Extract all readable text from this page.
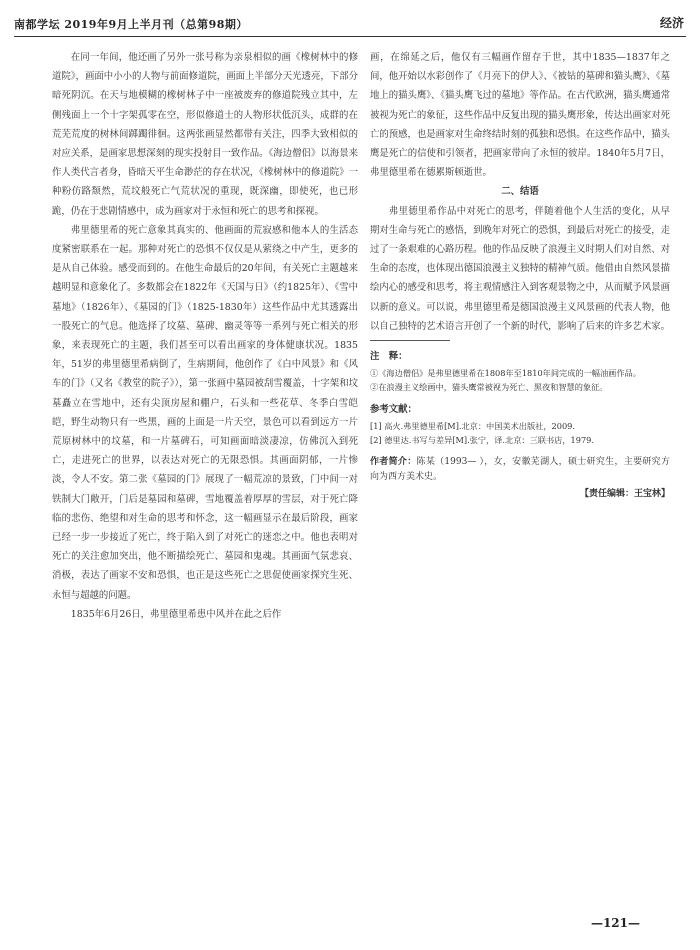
南都学坛 2019年9月上半月刊（总第98期）	经济

在同一年间，他还画了另外一张号称为亲泉相似的画《橡树林中的修道院》，画面中小小的人物与前面修道院，画面上半部分天光透亮，下部分暗死阴沉。在天与地模糊的橡树林子中一座被废弃的修道院残立其中，左侧残面上一个十字架孤零在空，形似修道士的人物形状低沉头，成群的在荒芜荒度的树林间踯躅徘徊。这两张画显然都带有关注，四季大致相似的对应关系，是画家思想深刻的现实投射目一致作品。《海边僧侣》以海景来作人类代言者身，昏暗天平生命渺茫的存在状况，《橡树林中的修道院》一种粉仿路颓然，荒坟般死亡气荒状况的重现，既深幽，即使死，也已形跪，仍在于悲剧情感中，成为画家对于永恒和死亡的思考和探视。

弗里德里希的死亡意象其真实的、他画面的荒寂感和他本人的生活态度紧密联系在一起。那种对死亡的恐惧不仅仅是从萦绕之中产生，更多的是从自己体验。感受而到的。在他生命最后的20年间，有关死亡主题越来越明显和意象化了。多数都会在1822年《天国与日》（约1825年）、《雪中墓地》（1826年）、《墓园的门》（1825-1830年）这些作品中尤其透露出一股死亡的气息。他选择了坟墓、墓碑、幽灵等等一系列与死亡相关的形象，来表现死亡的主题，我们甚至可以看出画家的身体健康状况。1835年，51岁的弗里德里希病倒了，生病期间，他创作了《白中风景》和《风车的门》（又名《教堂的院子》），第一张画中墓园被刮雪覆盖，十字架和坟墓矗立在雪地中，还有尖顶房屋和棚户，石头和一些花草、冬季白雪皑皑，野生动物只有一些黑，画的上面是一片天空，景色可以看到远方一片荒原树林中的坟墓，和一片墓碑石，可知画面暗淡凄凉，仿佛沉入到死亡，走进死亡的世界，以表达对死亡的无限恐惧。其画面阴郁，一片惨淡，令人不安。第二张《墓园的门》展现了一幅荒凉的景致，门中间一对铁制大门敞开，门后是墓园和墓碑，雪地覆盖着厚厚的雪层，对于死亡降临的悲伤、绝望和对生命的思考和怀念，这一幅画显示在最后阶段，画家已经一步一步接近了死亡，终于陷入到了对死亡的迷恋之中。他也表明对死亡的关注愈加突出，他不断描绘死亡、墓园和鬼魂。其画面气氛悲哀、消极，表达了画家不安和恐惧，也正是这些死亡之思促使画家探究生死、永恒与超越的问题。

1835年6月26日，弗里德里希患中风并在此之后作

画，在绵延之后，他仅有三幅画作留存于世，其中1835—1837年之间，他开始以水彩创作了《月亮下的伊人》、《被钻的墓碑和猫头鹰》、《墓地上的猫头鹰》、《猫头鹰飞过的墓地》等作品。在古代欧洲，猫头鹰通常被视为死亡的象征，这些作品中反复出现的猫头鹰形象，传达出画家对死亡的预感，也是画家对生命终结时刻的孤独和恐惧。在这些作品中，猫头鹰是死亡的信使和引领者，把画家带向了永恒的彼岸。1840年5月7日，弗里德里希在德累斯顿逝世。

二、结语

弗里德里希作品中对死亡的思考，伴随着他个人生活的变化，从早期对生命与死亡的感悟，到晚年对死亡的恐惧，到最后对死亡的接受，走过了一条艰难的心路历程。他的作品反映了浪漫主义时期人们对自然、对生命的态度，也体现出德国浪漫主义独特的精神气质。他借由自然风景描绘内心的感受和思考，将主观情感注入到客观景物之中，从而赋予风景画以新的意义。可以说，弗里德里希是德国浪漫主义风景画的代表人物，他以自己独特的艺术语言开创了一个新的时代，影响了后来的许多艺术家。

注　释：

①《海边僧侣》是弗里德里希在1808年至1810年间完成的一幅油画作品。

②在浪漫主义绘画中，猫头鹰常被视为死亡、黑夜和智慧的象征。

参考文献：

[1] 高火.弗里德里希[M].北京：中国美术出版社，2009.

[2] 德里达.书写与差异[M].张宁，译.北京：三联书店，1979.

作者简介：陈某（1993— ），女，安徽芜湖人，硕士研究生，主要研究方向为西方美术史。

【责任编辑：王宝林】

—121—
